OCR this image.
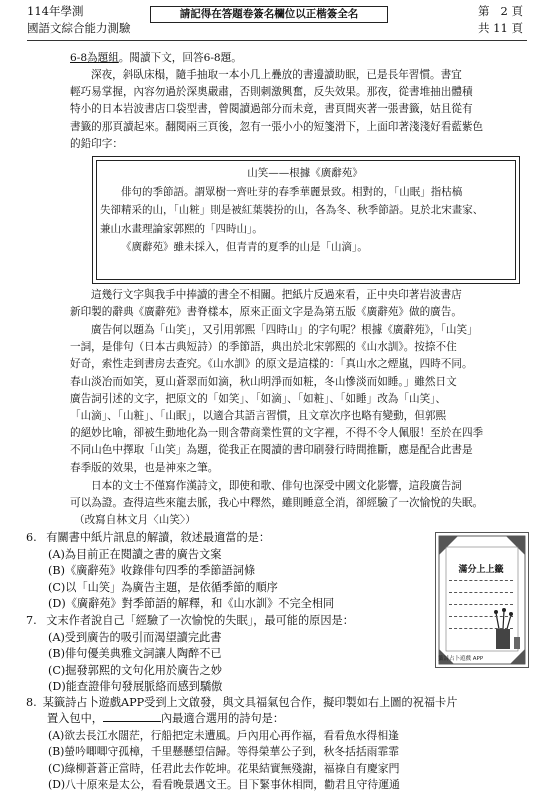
114年學測
國語文綜合能力測驗
請記得在答題卷簽名欄位以正楷簽全名	第 2 頁
共 11 頁
6-8為題組。閱讀下文，回答6-8題。
深夜，斜臥床榻，隨手抽取一本小几上疊放的書邊讀助眠，已是長年習慣。書宜
輕巧易掌握，內容勿過於深奧嚴肅，否則刺激興奮，反失效果。那夜，從書堆抽出體積
特小的日本岩波書店口袋型書，曾閱讀過部分而未竟，書頁間夾著一張書籤，姑且從有
書籤的那頁讀起來。翻閱兩三頁後，忽有一張小小的短箋滑下，上面印著淺淺好看藍紫色
的鉛印字：
山笑——根據《廣辭苑》
俳句的季節語。謂眾樹一齊吐芽的春季華麗景致。相對的，「山眠」指枯槁
失卻精采的山，「山粧」則是被紅葉裝扮的山，各為冬、秋季節語。見於北宋畫家、
兼山水畫理論家郭熙的「四時山」。
《廣辭苑》雖未採入，但青青的夏季的山是「山滴」。
這幾行文字與我手中捧讀的書全不相關。把紙片反過來看，正中央印著岩波書店
新印製的辭典《廣辭苑》書脊樣本，原來正面文字是為第五版《廣辭苑》做的廣告。
廣告何以題為「山笑」，又引用郭熙「四時山」的字句呢？根據《廣辭苑》，「山笑」
一詞，是俳句（日本古典短詩）的季節語，典出於北宋郭熙的《山水訓》。按捺不住
好奇，索性走到書房去查究。《山水訓》的原文是這樣的：「真山水之煙嵐，四時不同。
春山淡冶而如笑，夏山蒼翠而如滴，秋山明淨而如粧，冬山慘淡而如睡。」雖然日文
廣告詞引述的文字，把原文的「如笑」、「如滴」、「如粧」、「如睡」改為「山笑」、
「山滴」、「山粧」、「山眠」，以適合其語言習慣，且文章次序也略有變動，但郭熙
的絕妙比喻，卻被生動地化為一則含帶商業性質的文字裡，不得不令人佩服！至於在四季
不同山色中擇取「山笑」為題，從我正在閱讀的書印刷發行時間推斷，應是配合此書是
春季版的效果，也是神來之筆。
日本的文士不僅寫作漢詩文，即使和歌、俳句也深受中國文化影響，這段廣告詞
可以為證。查得這些來龍去脈，我心中釋然，雖則睡意全消，卻經驗了一次愉悅的失眠。
（改寫自林文月〈山笑〉）
6. 有關書中紙片訊息的解讀，敘述最適當的是：
(A)為目前正在閱讀之書的廣告文案
(B)《廣辭苑》收錄俳句四季的季節語詞條
(C)以「山笑」為廣告主題，是依循季節的順序
(D)《廣辭苑》對季節語的解釋，和《山水訓》不完全相同
7. 文末作者說自己「經驗了一次愉悅的失眠」，最可能的原因是：
(A)受到廣告的吸引而渴望讀完此書
(B)俳句優美典雅文詞讓人陶醉不已
(C)掘發郭熙的文句化用於廣告之妙
(D)能查證俳句發展脈絡而感到驕傲
8. 某籤詩占卜遊戲APP受到上文啟發，與文具福氣包合作，擬印製如右上圖的祝福卡片
置入包中，	內最適合選用的詩句是：
(A)欲去長江水闊茫，行船把定未遭風。戶內用心再作福，看看魚水得相逢
(B)螢吟唧唧守孤樟，千里懸懸望信歸。等得榮華公子到，秋冬括括雨霏霏
(C)綠柳蒼蒼正當時，任君此去作乾坤。花果結實無殘謝，福祿自有慶家門
(D)八十原來是太公，看看晚景遇文王。目下緊事休相問，勸君且守待運通
滿分上上籤
籤詩占卜遊戲 APP
